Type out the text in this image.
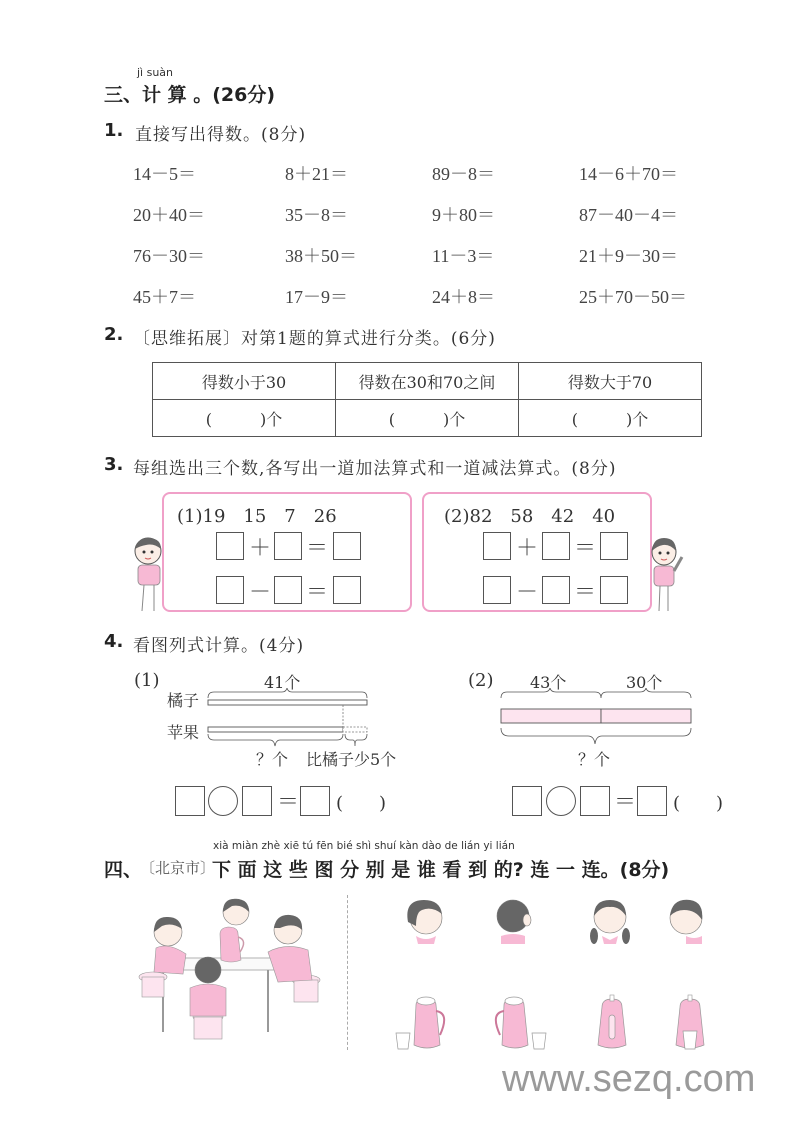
jì suàn
三、计 算 。(26分)
1. 直接写出得数。(8分)
14－5＝	8＋21＝	89－8＝	14－6＋70＝
20＋40＝	35－8＝	9＋80＝	87－40－4＝
76－30＝	38＋50＝	11－3＝	21＋9－30＝
45＋7＝	17－9＝	24＋8＝	25＋70－50＝
2. 〔思维拓展〕对第1题的算式进行分类。(6分)
得数小于30	得数在30和70之间	得数大于70
(　　　)个	(　　　)个	(　　　)个
3. 每组选出三个数,各写出一道加法算式和一道减法算式。(8分)
(1)19　15　7　26
＋ ＝
－ ＝
(2)82　58　42　40
＋ ＝
－ ＝
4. 看图列式计算。(4分)
(1)	41个
橘子
苹果
？个 比橘子少5个
＝ (　　)
(2) 43个	30个
？个
＝ (　　)
xià miàn zhè xiē tú fēn bié shì shuí kàn dào de lián yi lián
四、
〔北京市〕
下 面 这 些 图 分 别 是 谁 看 到 的? 连 一 连。(8分)
www.sezq.com
